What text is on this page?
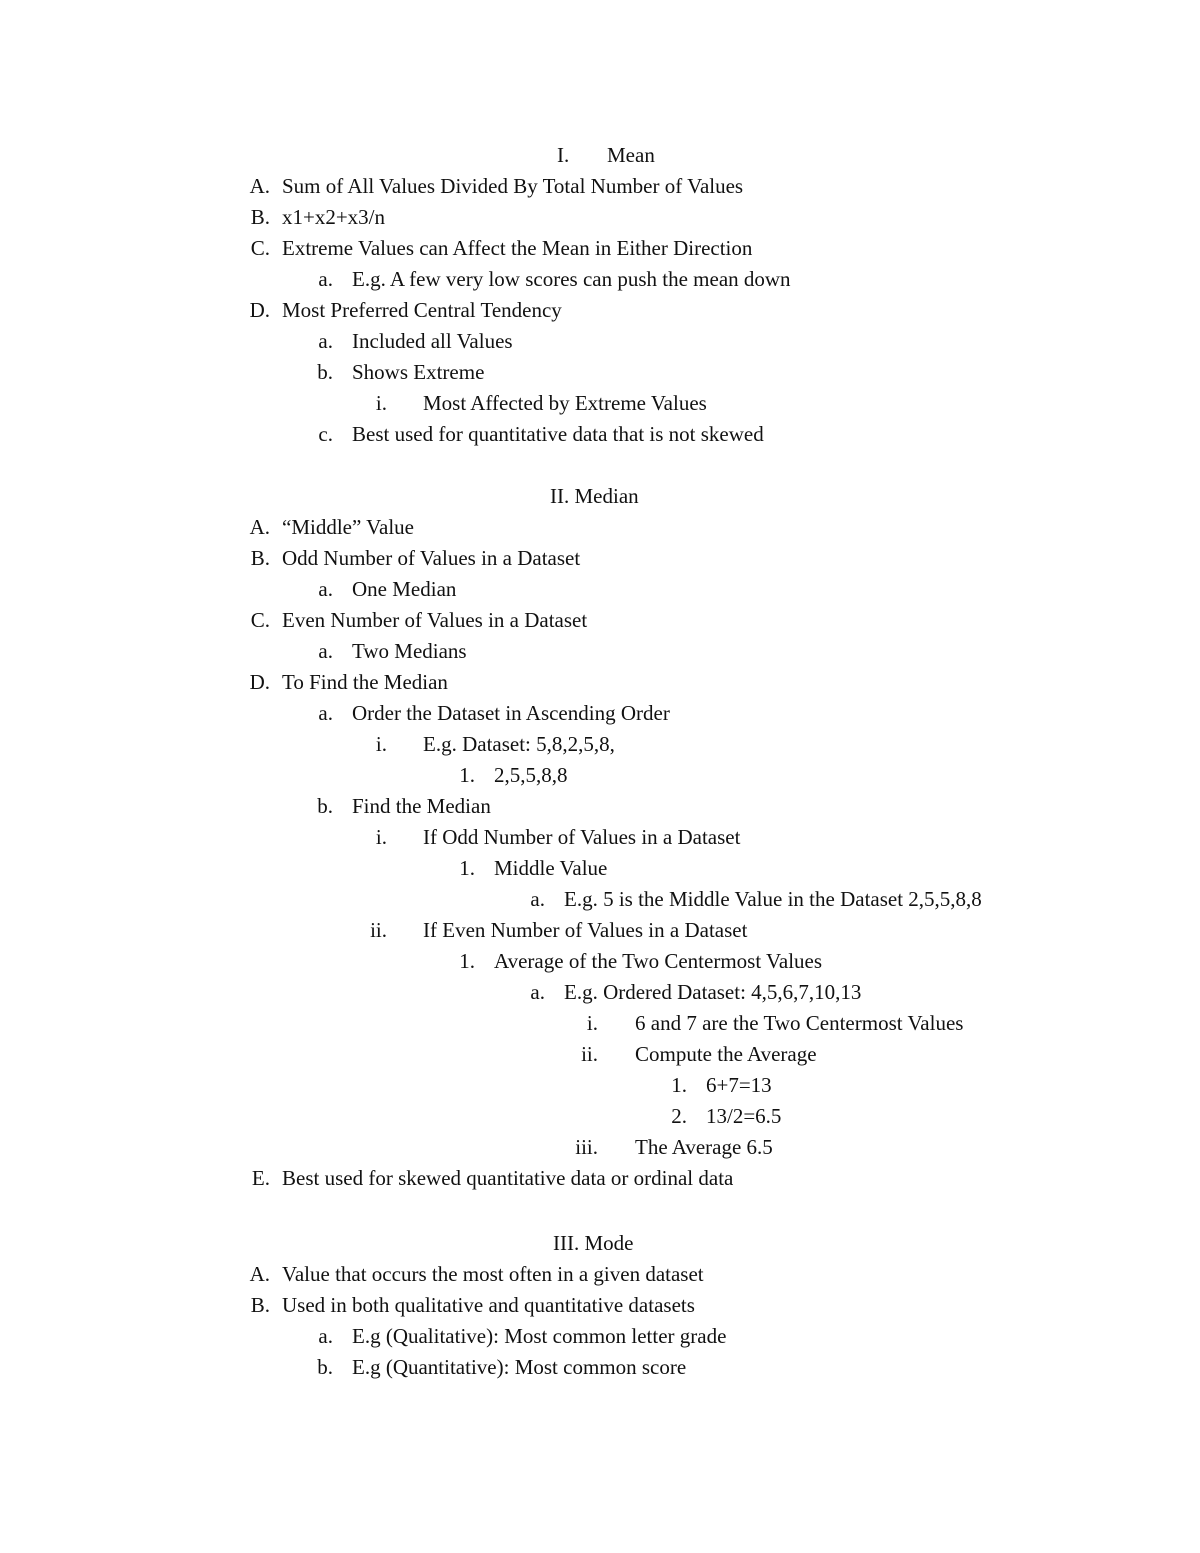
I. Mean
A. Sum of All Values Divided By Total Number of Values
B. x1+x2+x3/n
C. Extreme Values can Affect the Mean in Either Direction
a. E.g. A few very low scores can push the mean down
D. Most Preferred Central Tendency
a. Included all Values
b. Shows Extreme
i. Most Affected by Extreme Values
c. Best used for quantitative data that is not skewed
II. Median
A. “Middle” Value
B. Odd Number of Values in a Dataset
a. One Median
C. Even Number of Values in a Dataset
a. Two Medians
D. To Find the Median
a. Order the Dataset in Ascending Order
i. E.g. Dataset: 5,8,2,5,8,
1. 2,5,5,8,8
b. Find the Median
i. If Odd Number of Values in a Dataset
1. Middle Value
a. E.g. 5 is the Middle Value in the Dataset 2,5,5,8,8
ii. If Even Number of Values in a Dataset
1. Average of the Two Centermost Values
a. E.g. Ordered Dataset: 4,5,6,7,10,13
i. 6 and 7 are the Two Centermost Values
ii. Compute the Average
1. 6+7=13
2. 13/2=6.5
iii. The Average 6.5
E. Best used for skewed quantitative data or ordinal data
III. Mode
A. Value that occurs the most often in a given dataset
B. Used in both qualitative and quantitative datasets
a. E.g (Qualitative): Most common letter grade
b. E.g (Quantitative): Most common score
